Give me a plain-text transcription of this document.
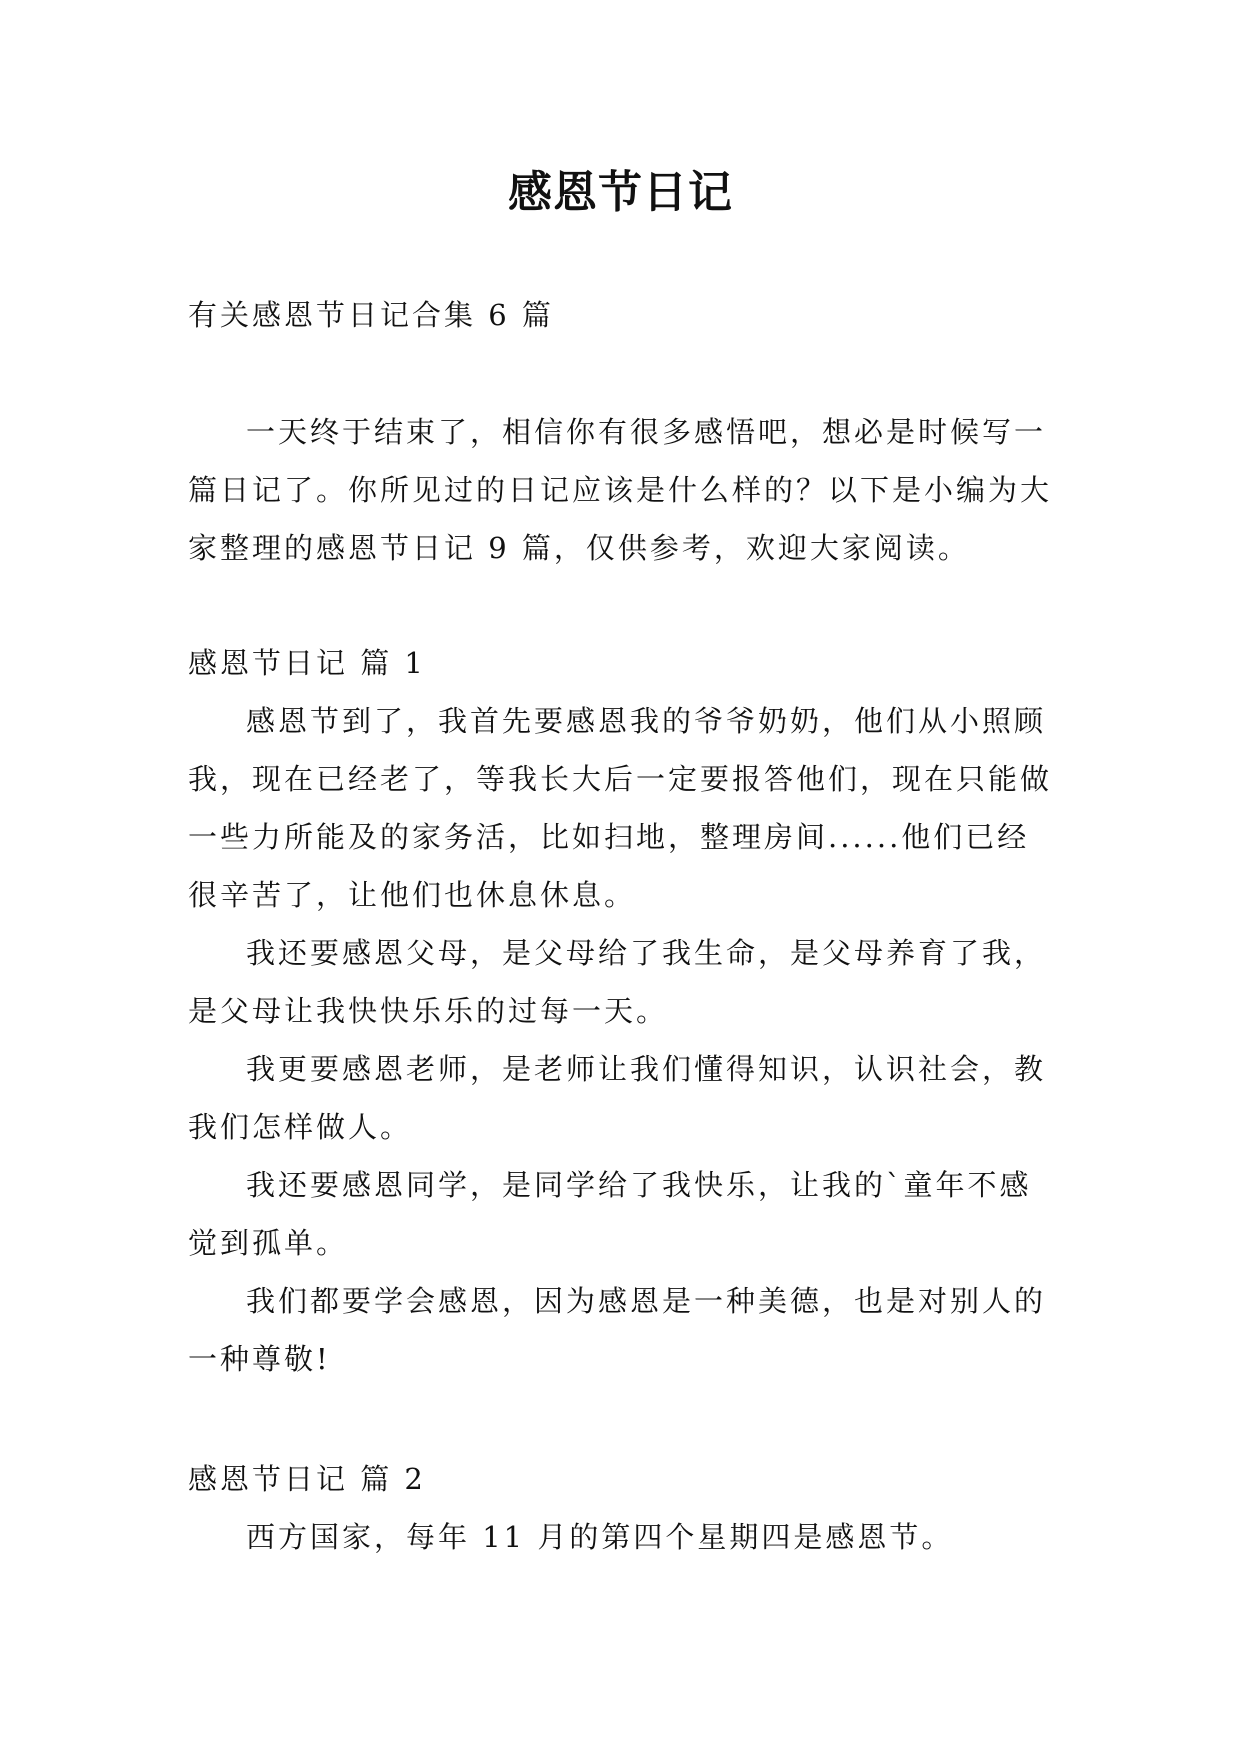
感恩节日记

有关感恩节日记合集 6 篇

一天终于结束了，相信你有很多感悟吧，想必是时候写一篇日记了。你所见过的日记应该是什么样的？以下是小编为大家整理的感恩节日记 9 篇，仅供参考，欢迎大家阅读。

感恩节日记 篇 1

感恩节到了，我首先要感恩我的爷爷奶奶，他们从小照顾我，现在已经老了，等我长大后一定要报答他们，现在只能做一些力所能及的家务活，比如扫地，整理房间......他们已经很辛苦了，让他们也休息休息。

我还要感恩父母，是父母给了我生命，是父母养育了我，是父母让我快快乐乐的过每一天。

我更要感恩老师，是老师让我们懂得知识，认识社会，教我们怎样做人。

我还要感恩同学，是同学给了我快乐，让我的`童年不感觉到孤单。

我们都要学会感恩，因为感恩是一种美德，也是对别人的一种尊敬!

感恩节日记 篇 2

西方国家，每年 11 月的第四个星期四是感恩节。
